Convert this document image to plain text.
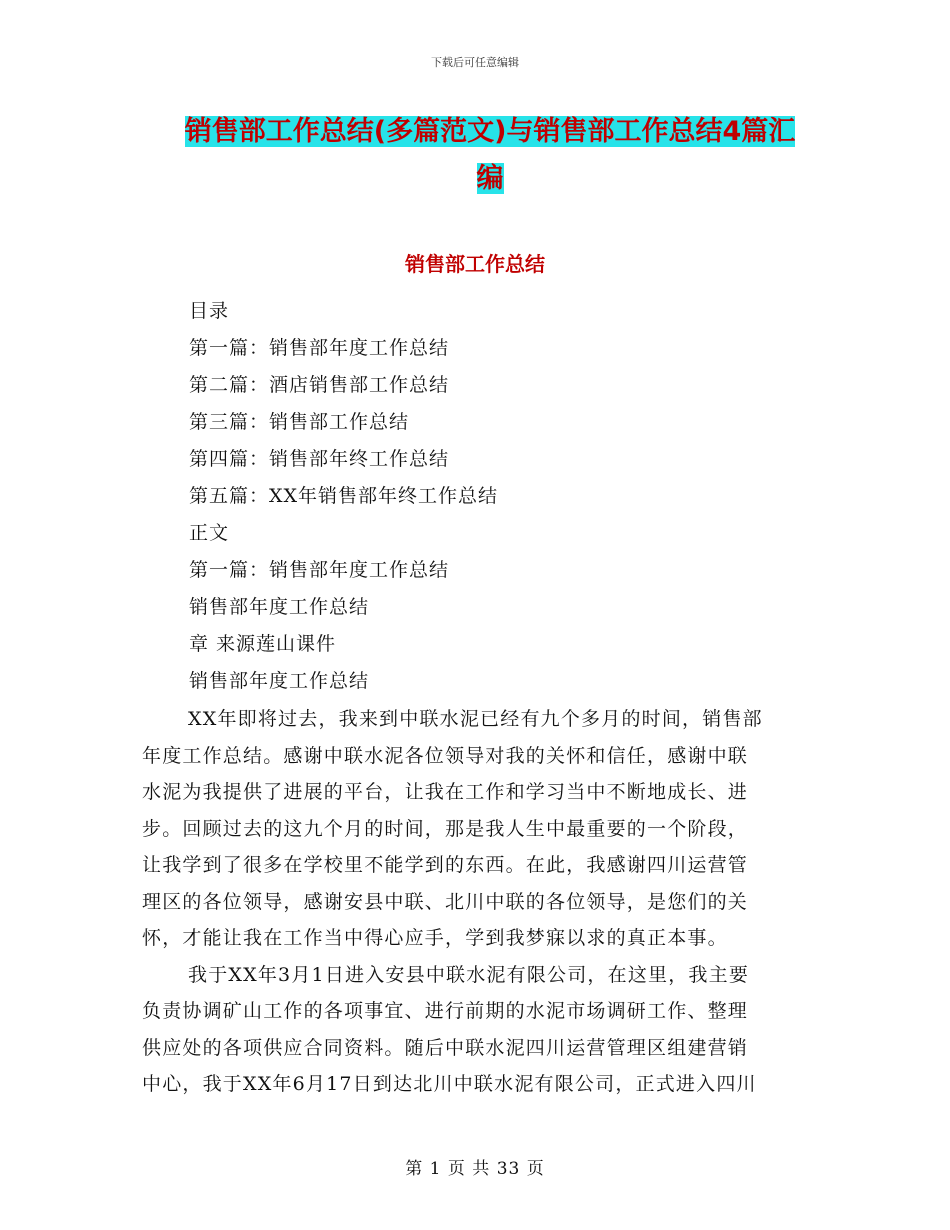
下载后可任意编辑
销售部工作总结(多篇范文)与销售部工作总结4篇汇
编
销售部工作总结
目录
第一篇：销售部年度工作总结
第二篇：酒店销售部工作总结
第三篇：销售部工作总结
第四篇：销售部年终工作总结
第五篇：XX年销售部年终工作总结
正文
第一篇：销售部年度工作总结
销售部年度工作总结
章 来源莲山课件
销售部年度工作总结
XX年即将过去，我来到中联水泥已经有九个多月的时间，销售部
年度工作总结。感谢中联水泥各位领导对我的关怀和信任，感谢中联
水泥为我提供了进展的平台，让我在工作和学习当中不断地成长、进
步。回顾过去的这九个月的时间，那是我人生中最重要的一个阶段，
让我学到了很多在学校里不能学到的东西。在此，我感谢四川运营管
理区的各位领导，感谢安县中联、北川中联的各位领导，是您们的关
怀，才能让我在工作当中得心应手，学到我梦寐以求的真正本事。
我于XX年3月1日进入安县中联水泥有限公司，在这里，我主要
负责协调矿山工作的各项事宜、进行前期的水泥市场调研工作、整理
供应处的各项供应合同资料。随后中联水泥四川运营管理区组建营销
中心，我于XX年6月17日到达北川中联水泥有限公司，正式进入四川
第 1 页 共 33 页
